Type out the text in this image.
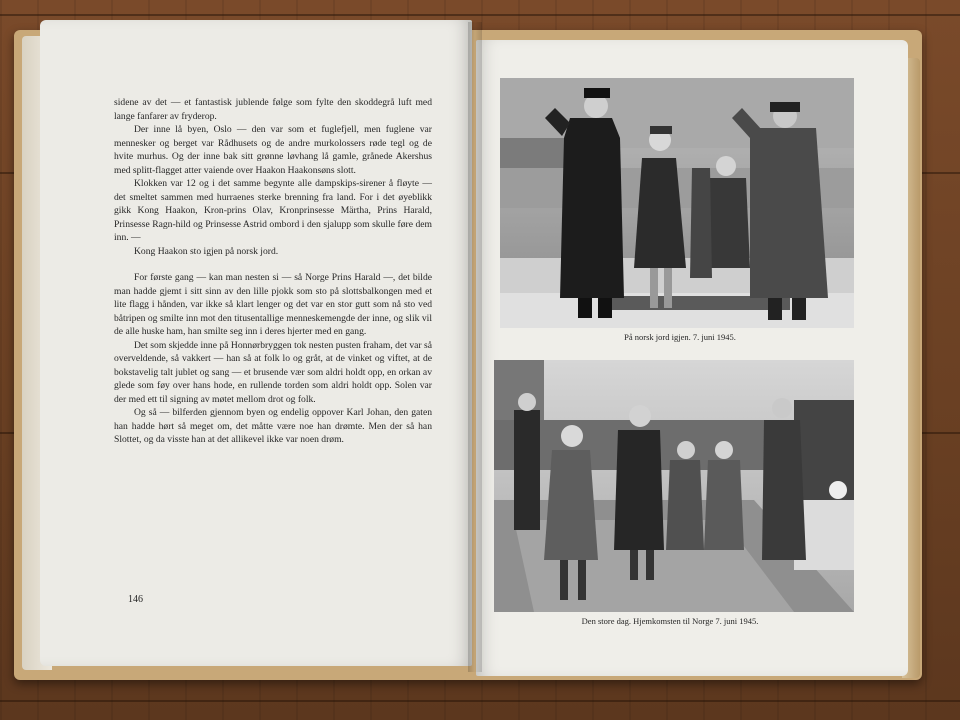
sidene av det — et fantastisk jublende følge som fylte den skoddegrå luft med lange fanfarer av fryderop.

Der inne lå byen, Oslo — den var som et fuglefjell, men fuglene var mennesker og berget var Rådhusets og de andre murkolossers røde tegl og de hvite murhus. Og der inne bak sitt grønne løvhang lå gamle, grånede Akershus med splitt-flagget atter vaiende over Haakon Haakonsøns slott.

Klokken var 12 og i det samme begynte alle dampskips-sirener å fløyte — det smeltet sammen med hurraenes sterke brenning fra land. For i det øyeblikk gikk Kong Haakon, Kron-prins Olav, Kronprinsesse Märtha, Prins Harald, Prinsesse Ragn-hild og Prinsesse Astrid ombord i den sjalupp som skulle føre dem inn. —

Kong Haakon sto igjen på norsk jord.

For første gang — kan man nesten si — så Norge Prins Harald —, det bilde man hadde gjemt i sitt sinn av den lille pjokk som sto på slottsbalkongen med et lite flagg i hånden, var ikke så klart lenger og det var en stor gutt som nå sto ved båtripen og smilte inn mot den titusentallige menneskemengde der inne, og slik vil de alle huske ham, han smilte seg inn i deres hjerter med en gang.

Det som skjedde inne på Honnørbryggen tok nesten pusten fraham, det var så overveldende, så vakkert — han så at folk lo og gråt, at de vinket og viftet, at de bokstavelig talt jublet og sang — et brusende vær som aldri holdt opp, en orkan av glede som føy over hans hode, en rullende torden som aldri holdt opp. Solen var der med ett til signing av møtet mellom drot og folk.

Og så — bilferden gjennom byen og endelig oppover Karl Johan, den gaten han hadde hørt så meget om, det måtte være noe han drømte. Men der så han Slottet, og da visste han at det allikevel ikke var noen drøm.

146
På norsk jord igjen. 7. juni 1945.
Den store dag. Hjemkomsten til Norge 7. juni 1945.
